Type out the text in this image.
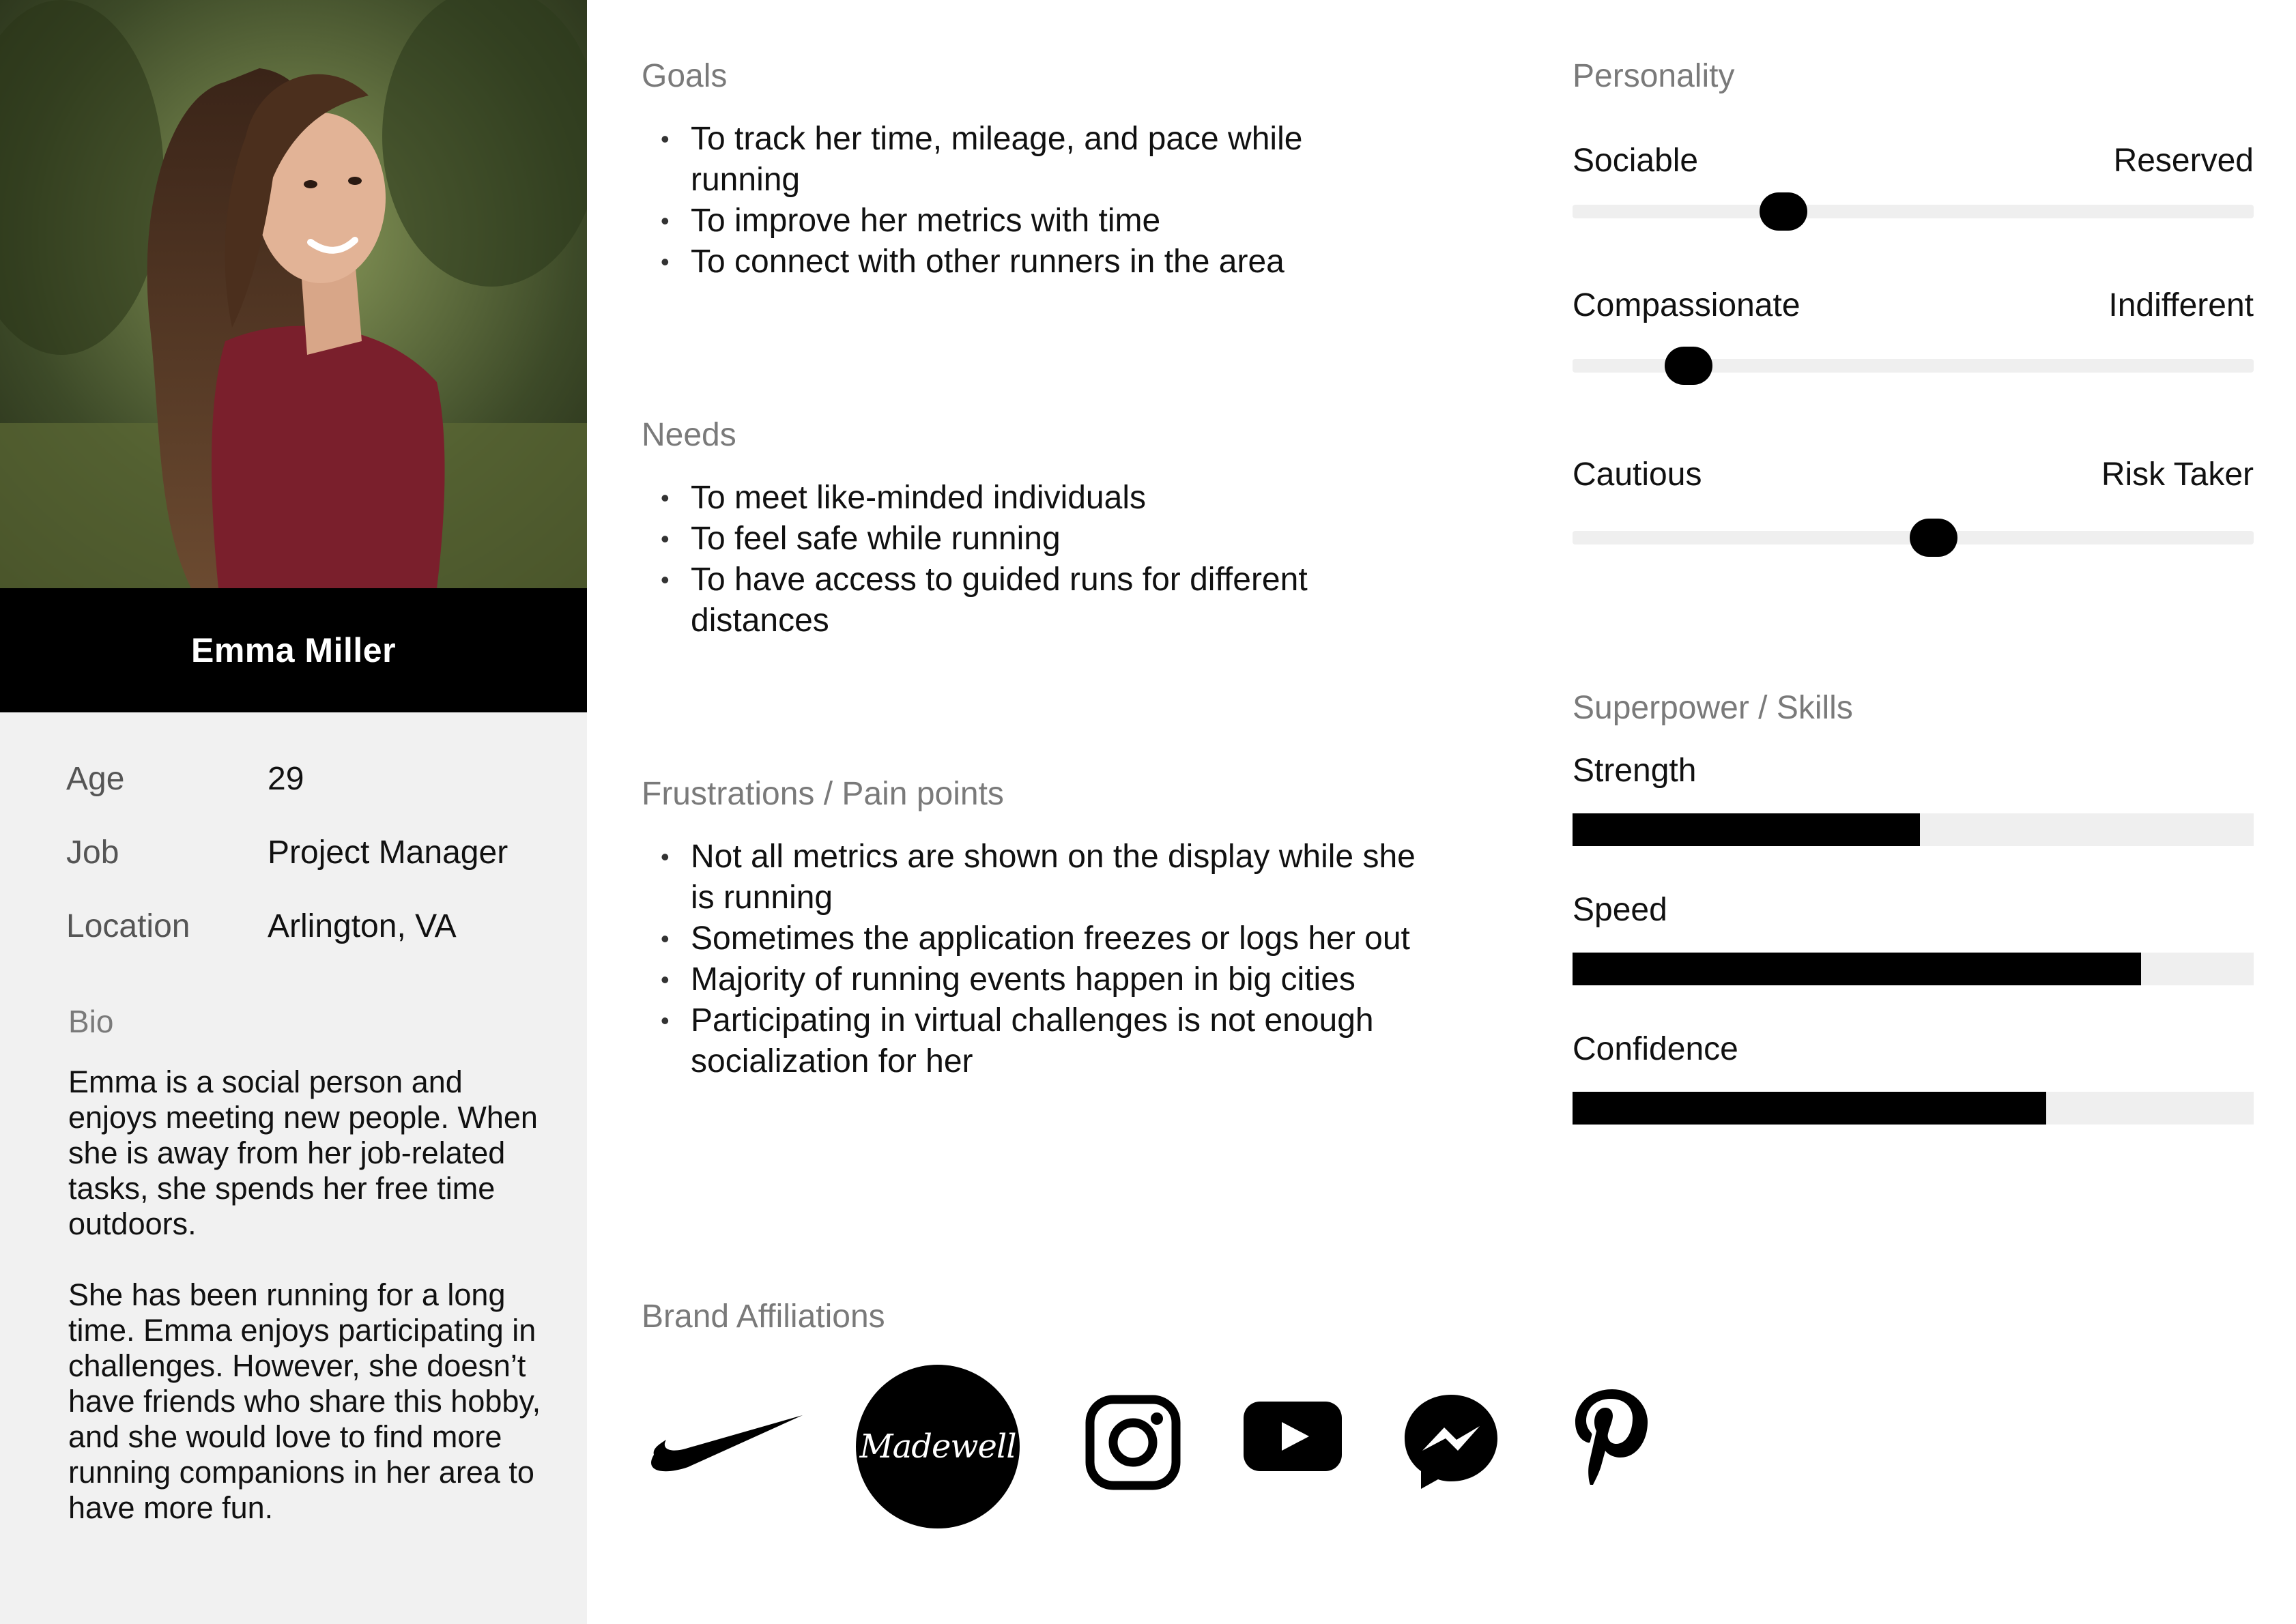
Emma Miller
Age	29
Job	Project Manager
Location Arlington, VA
Bio

Emma is a social person and enjoys meeting new people. When she is away from her job-related tasks, she spends her free time outdoors.

She has been running for a long time. Emma enjoys participating in challenges. However, she doesn’t have friends who share this hobby, and she would love to find more running companions in her area to have more fun.

Goals
• To track her time, mileage, and pace while running
• To improve her metrics with time
• To connect with other runners in the area
Needs
• To meet like-minded individuals
• To feel safe while running
• To have access to guided runs for different distances
Frustrations / Pain points
• Not all metrics are shown on the display while she is running
• Sometimes the application freezes or logs her out
• Majority of running events happen in big cities
• Participating in virtual challenges is not enough socialization for her
Personality
Sociable	Reserved
Compassionate	Indifferent
Cautious	Risk Taker
Superpower / Skills
Strength
Speed
Confidence
Brand Affiliations
Madewell
